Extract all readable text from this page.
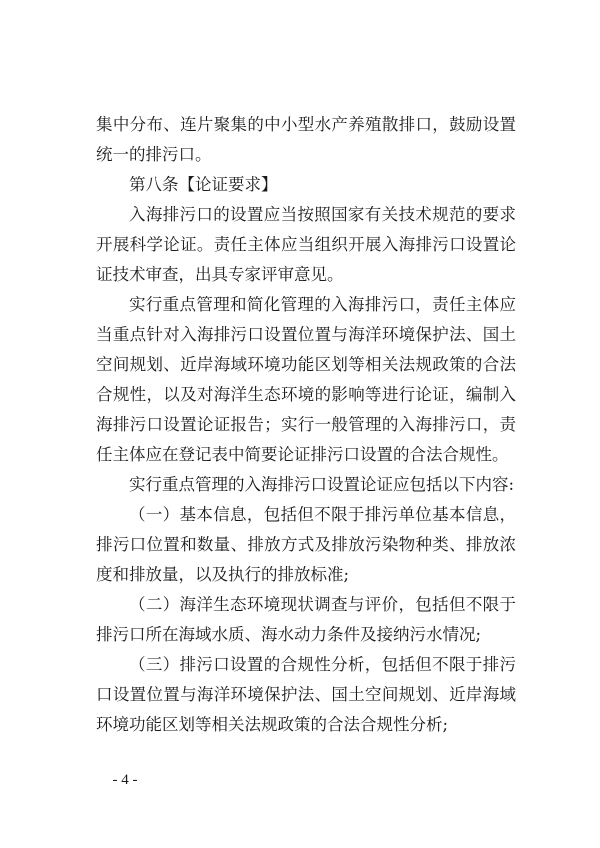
集中分布、连片聚集的中小型水产养殖散排口，鼓励设置统一的排污口。

第八条【论证要求】

入海排污口的设置应当按照国家有关技术规范的要求开展科学论证。责任主体应当组织开展入海排污口设置论证技术审查，出具专家评审意见。

实行重点管理和简化管理的入海排污口，责任主体应当重点针对入海排污口设置位置与海洋环境保护法、国土空间规划、近岸海域环境功能区划等相关法规政策的合法合规性，以及对海洋生态环境的影响等进行论证，编制入海排污口设置论证报告；实行一般管理的入海排污口，责任主体应在登记表中简要论证排污口设置的合法合规性。

实行重点管理的入海排污口设置论证应包括以下内容:

（一）基本信息，包括但不限于排污单位基本信息，排污口位置和数量、排放方式及排放污染物种类、排放浓度和排放量，以及执行的排放标准;

（二）海洋生态环境现状调查与评价，包括但不限于排污口所在海域水质、海水动力条件及接纳污水情况;

（三）排污口设置的合规性分析，包括但不限于排污口设置位置与海洋环境保护法、国土空间规划、近岸海域环境功能区划等相关法规政策的合法合规性分析;

- 4 -
